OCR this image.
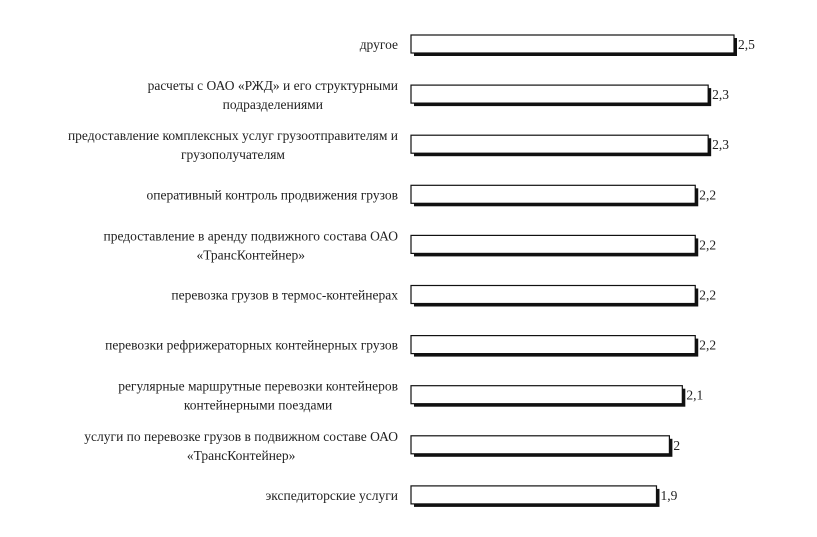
2,5
другое
2,3
расчеты с ОАО «РЖД» и его структурными подразделениями
2,3
предоставление комплексных услуг грузоотправителям и грузополучателям
2,2
оперативный контроль продвижения грузов
2,2
предоставление в аренду подвижного состава ОАО «ТрансКонтейнер»
2,2
перевозка грузов в термос-контейнерах
2,2
перевозки рефрижераторных контейнерных грузов
2,1
регулярные маршрутные перевозки контейнеров контейнерными поездами
2
услуги по перевозке грузов в подвижном составе ОАО «ТрансКонтейнер»
1,9
экспедиторские услуги
